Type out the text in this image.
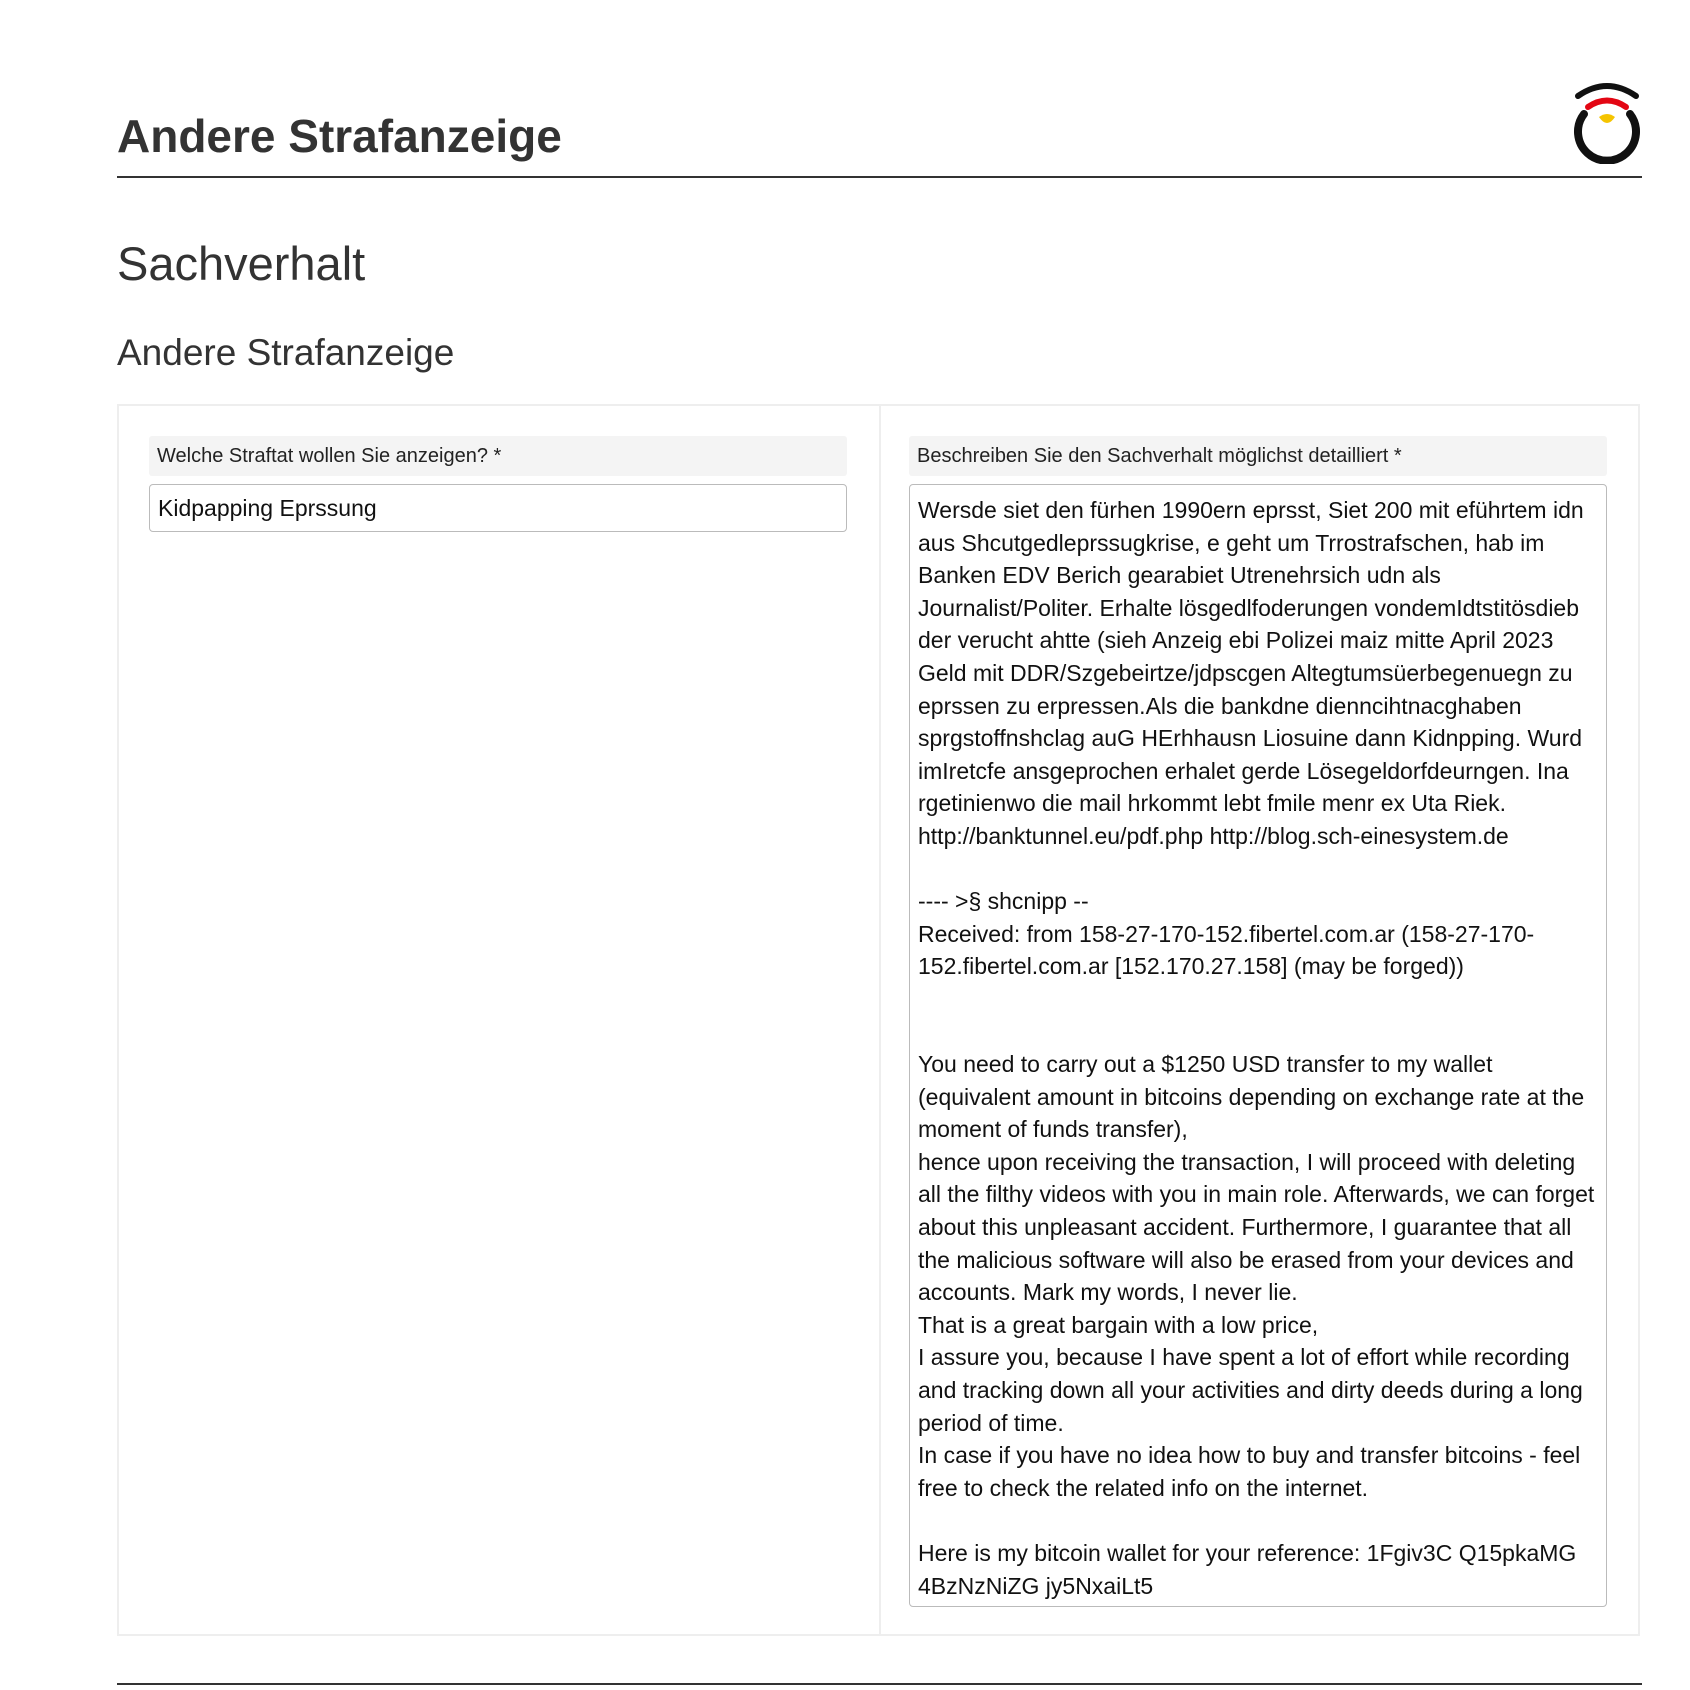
Andere Strafanzeige
Sachverhalt
Andere Strafanzeige
Welche Straftat wollen Sie anzeigen? *
Kidpapping Eprssung
Beschreiben Sie den Sachverhalt möglichst detailliert *
Wersde siet den fürhen 1990ern eprsst, Siet 200 mit eführtem idn aus Shcutgedleprssugkrise, e geht um Trrostrafschen, hab im Banken EDV Berich gearabiet Utrenehrsich udn als Journalist/Politer. Erhalte lösgedlfoderungen vondemIdtstitösdieb der verucht ahtte (sieh Anzeig ebi Polizei maiz mitte April 2023 Geld mit DDR/Szgebeirtze/jdpscgen Altegtumsüerbegenuegn zu eprssen zu erpressen.Als die bankdne dienncihtnacghaben sprgstoffnshclag auG HErhhausn Liosuine dann Kidnpping. Wurd imIretcfe ansgeprochen erhalet gerde Lösegeldorfdeurngen. Ina rgetinienwo die mail hrkommt lebt fmile menr ex Uta Riek. http://banktunnel.eu/pdf.php http://blog.sch-einesystem.de

---- >§ shcnipp --
Received: from 158-27-170-152.fibertel.com.ar (158-27-170-152.fibertel.com.ar [152.170.27.158] (may be forged))

You need to carry out a $1250 USD transfer to my wallet (equivalent amount in bitcoins depending on exchange rate at the moment of funds transfer),
hence upon receiving the transaction, I will proceed with deleting all the filthy videos with you in main role. Afterwards, we can forget about this unpleasant accident. Furthermore, I guarantee that all the malicious software will also be erased from your devices and accounts. Mark my words, I never lie.
That is a great bargain with a low price,
I assure you, because I have spent a lot of effort while recording and tracking down all your activities and dirty deeds during a long period of time.
In case if you have no idea how to buy and transfer bitcoins - feel free to check the related info on the internet.

Here is my bitcoin wallet for your reference: 1Fgiv3C Q15pkaMG 4BzNzNiZG jy5NxaiLt5
